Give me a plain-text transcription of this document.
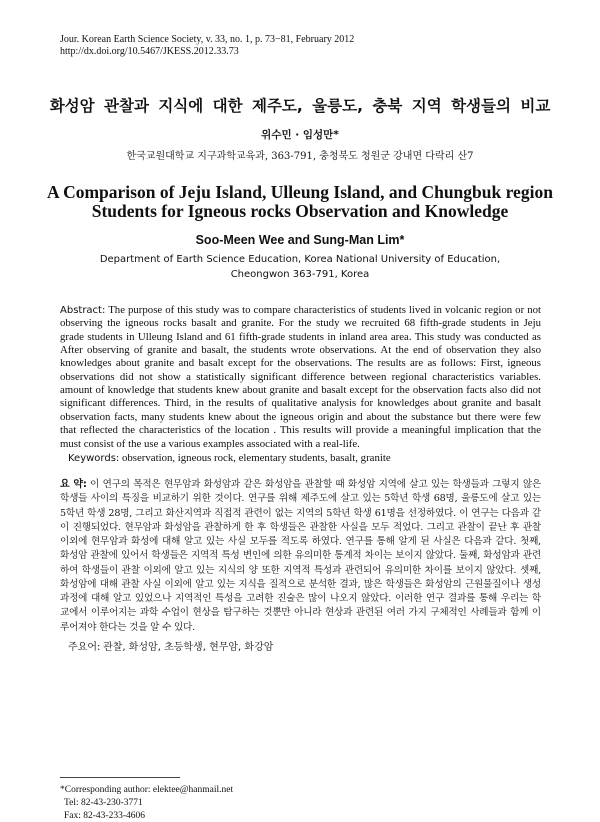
Jour. Korean Earth Science Society, v. 33, no. 1, p. 73−81, February 2012
http://dx.doi.org/10.5467/JKESS.2012.33.73
화성암 관찰과 지식에 대한 제주도, 울릉도, 충북 지역 학생들의 비교
위수민 · 임성만*
한국교원대학교 지구과학교육과, 363-791, 충청북도 청원군 강내면 다락리 산7
A Comparison of Jeju Island, Ulleung Island, and Chungbuk region
Students for Igneous rocks Observation and Knowledge
Soo-Meen Wee and Sung-Man Lim*
Department of Earth Science Education, Korea National University of Education,
Cheongwon 363-791, Korea
Abstract: The purpose of this study was to compare characteristics of students lived in volcanic region or not
observing the igneous rocks basalt and granite. For the study we recruited 68 fifth-grade students in Jeju
grade students in Ulleung Island and 61 fifth-grade students in inland area area. This study was conducted as
After observing of granite and basalt, the students wrote observations. At the end of observation they also
knowledges about granite and basalt except for the observations. The results are as follows: First, igneous
observations did not show a statistically significant difference between regional characteristics variables.
amount of knowledge that students knew about granite and basalt except for the observation facts also did not
significant differences. Third, in the results of qualitative analysis for knowledges about granite and basalt
observation facts, many students knew about the igneous origin and about the substance but there were few
that reflected the characteristics of the location . This results will provide a meaningful implication that the
must consist of the use a various examples associated with a real-life.
Keywords: observation, igneous rock, elementary students, basalt, granite
요 약: 이 연구의 목적은 현무암과 화성암과 같은 화성암을 관찰할 때 화성암 지역에 살고 있는 학생들과 그렇지 않은
학생들 사이의 특징을 비교하기 위한 것이다. 연구를 위해 제주도에 살고 있는 5학년 학생 68명, 울릉도에 살고 있는
5학년 학생 28명, 그리고 화산지역과 직접적 관련이 없는 지역의 5학년 학생 61명을 선정하였다. 이 연구는 다음과 같
이 진행되었다. 현무암과 화성암을 관찰하게 한 후 학생들은 관찰한 사실을 모두 적었다. 그리고 관찰이 끝난 후 관찰
이외에 현무암과 화성에 대해 알고 있는 사실 모두를 적도록 하였다. 연구를 통해 알게 된 사실은 다음과 같다. 첫째,
화성암 관찰에 있어서 학생들은 지역적 특성 변인에 의한 유의미한 통계적 차이는 보이지 않았다. 둘째, 화성암과 관련
하여 학생들이 관찰 이외에 알고 있는 지식의 양 또한 지역적 특성과 관련되어 유의미한 차이를 보이지 않았다. 셋째,
화성암에 대해 관찰 사실 이외에 알고 있는 지식을 질적으로 분석한 결과, 많은 학생들은 화성암의 근원물질이나 생성
과정에 대해 알고 있었으나 지역적인 특성을 고려한 진술은 많이 나오지 않았다. 이러한 연구 결과를 통해 우리는 학
교에서 이루어지는 과학 수업이 현상을 탐구하는 것뿐만 아니라 현상과 관련된 여러 가지 구체적인 사례들과 함께 이
루어져야 한다는 것을 알 수 있다.
주요어: 관찰, 화성암, 초등학생, 현무암, 화강암
*Corresponding author: elektee@hanmail.net
Tel: 82-43-230-3771
Fax: 82-43-233-4606
